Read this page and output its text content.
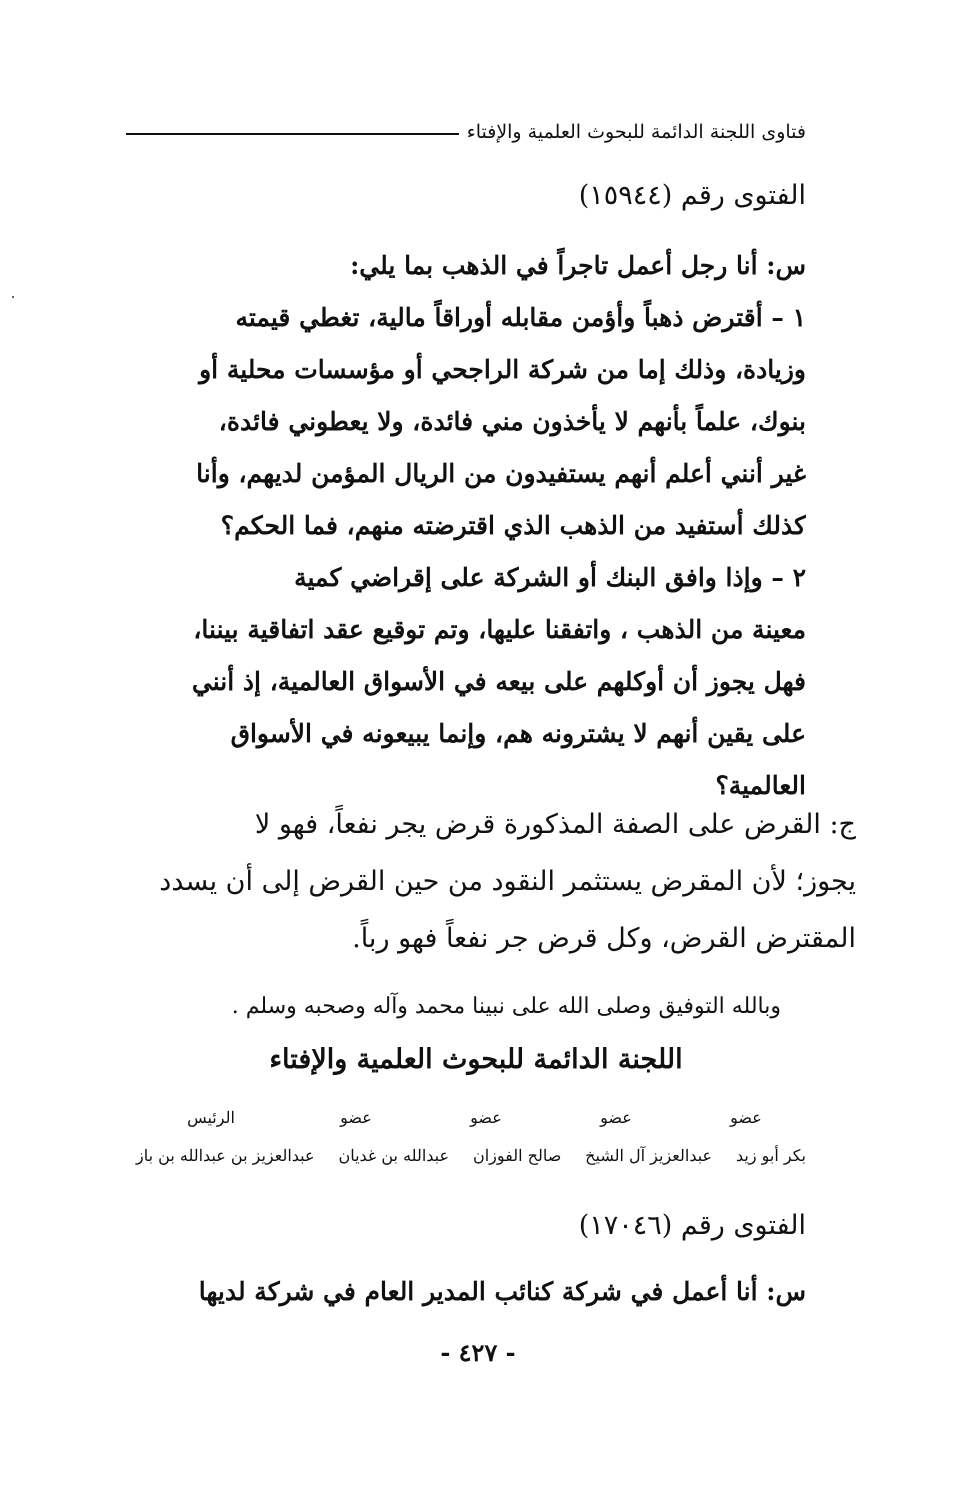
فتاوى اللجنة الدائمة للبحوث العلمية والإفتاء
الفتوى رقم (١٥٩٤٤)
س: أنا رجل أعمل تاجراً في الذهب بما يلي:
١ – أقترض ذهباً وأؤمن مقابله أوراقاً مالية، تغطي قيمته
وزيادة، وذلك إما من شركة الراجحي أو مؤسسات محلية أو
بنوك، علماً بأنهم لا يأخذون مني فائدة، ولا يعطوني فائدة،
غير أنني أعلم أنهم يستفيدون من الريال المؤمن لديهم، وأنا
كذلك أستفيد من الذهب الذي اقترضته منهم، فما الحكم؟
٢ – وإذا وافق البنك أو الشركة على إقراضي كمية
معينة من الذهب ، واتفقنا عليها، وتم توقيع عقد اتفاقية بيننا،
فهل يجوز أن أوكلهم على بيعه في الأسواق العالمية، إذ أنني
على يقين أنهم لا يشترونه هم، وإنما يبيعونه في الأسواق
العالمية؟
ج: القرض على الصفة المذكورة قرض يجر نفعاً، فهو لا
يجوز؛ لأن المقرض يستثمر النقود من حين القرض إلى أن يسدد
المقترض القرض، وكل قرض جر نفعاً فهو رباً.
وبالله التوفيق وصلى الله على نبينا محمد وآله وصحبه وسلم .
اللجنة الدائمة للبحوث العلمية والإفتاء
عضو
عضو
عضو
عضو
الرئيس
بكر أبو زيد
عبدالعزيز آل الشيخ
صالح الفوزان
عبدالله بن غديان
عبدالعزيز بن عبدالله بن باز
الفتوى رقم (١٧٠٤٦)
س: أنا أعمل في شركة كنائب المدير العام في شركة لديها
- ٤٢٧ -
